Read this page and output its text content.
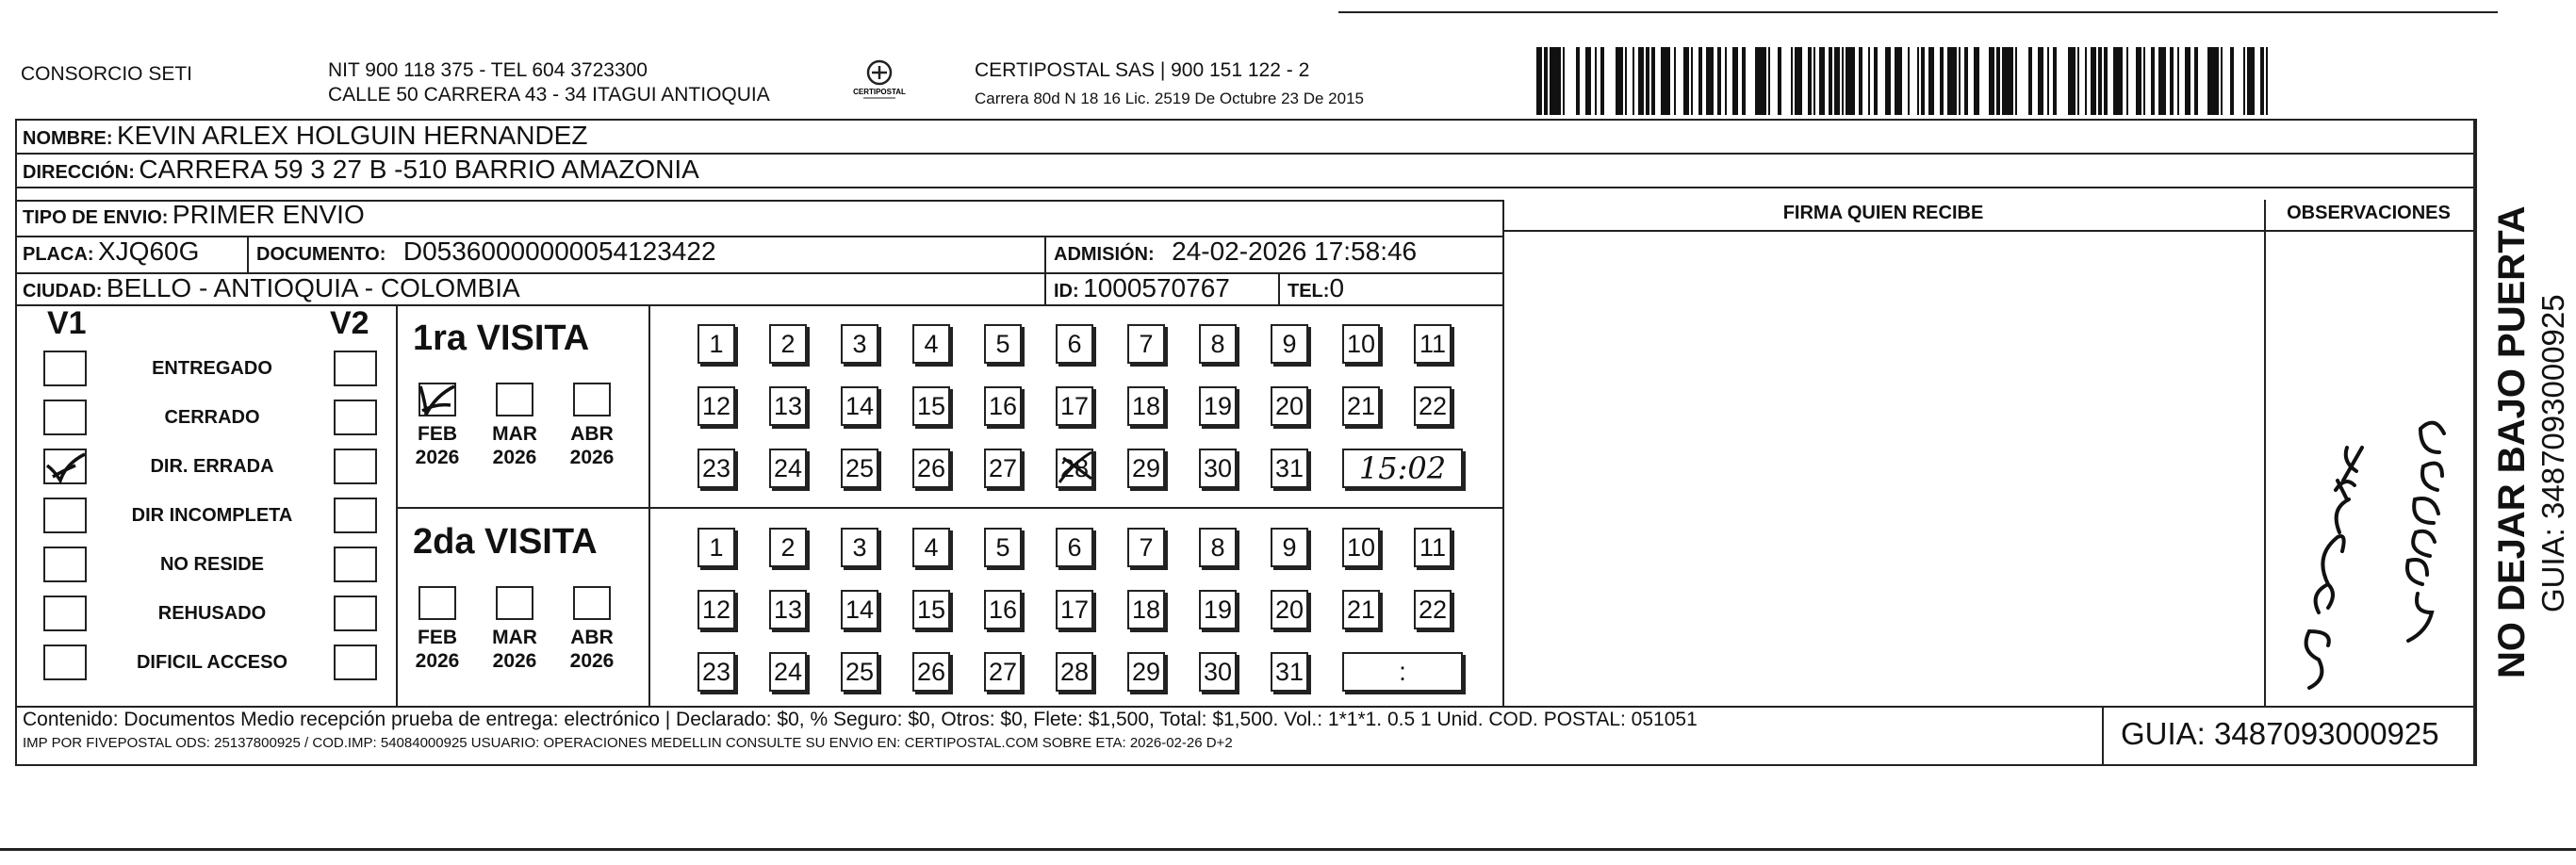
CONSORCIO SETI	NIT 900 118 375 - TEL 604 3723300
CALLE 50 CARRERA 43 - 34 ITAGUI ANTIOQUIA	CERTIPOSTAL
CERTIPOSTAL SAS | 900 151 122 - 2
Carrera 80d N 18 16 Lic. 2519 De Octubre 23 De 2015
NOMBRE: KEVIN ARLEX HOLGUIN HERNANDEZ
DIRECCIÓN: CARRERA 59 3 27 B -510 BARRIO AMAZONIA
TIPO DE ENVIO: PRIMER ENVIO
PLACA: XJQ60G	DOCUMENTO: D05360000000054123422	ADMISIÓN: 24-02-2026 17:58:46
CIUDAD: BELLO - ANTIOQUIA - COLOMBIA	ID: 1000570767	TEL:0
FIRMA QUIEN RECIBE	OBSERVACIONES
V1	V2
ENTREGADO
CERRADO
DIR. ERRADA
DIR INCOMPLETA
NO RESIDE
REHUSADO
DIFICIL ACCESO
1ra VISITA
FEB
2026
MAR
2026
ABR
2026
1	2	3	4	5	6	7	8	9	10 11
12 13 14 15 16 17 18 19 20 21 22
23 24 25 26 27 28 29 30 31	15:02
2da VISITA
FEB
2026
MAR
2026
ABR
2026
1	2	3	4	5	6	7	8	9	10 11
12 13 14 15 16 17 18 19 20 21 22
23 24 25 26 27 28 29 30 31	:
Contenido: Documentos Medio recepción prueba de entrega: electrónico | Declarado: $0, % Seguro: $0, Otros: $0, Flete: $1,500, Total: $1,500. Vol.: 1*1*1. 0.5 1 Unid. COD. POSTAL: 051051
IMP POR FIVEPOSTAL ODS: 25137800925 / COD.IMP: 54084000925 USUARIO: OPERACIONES MEDELLIN CONSULTE SU ENVIO EN: CERTIPOSTAL.COM SOBRE ETA: 2026-02-26 D+2	GUIA: 3487093000925
NO DEJAR BAJO PUERTA GUIA: 3487093000925
